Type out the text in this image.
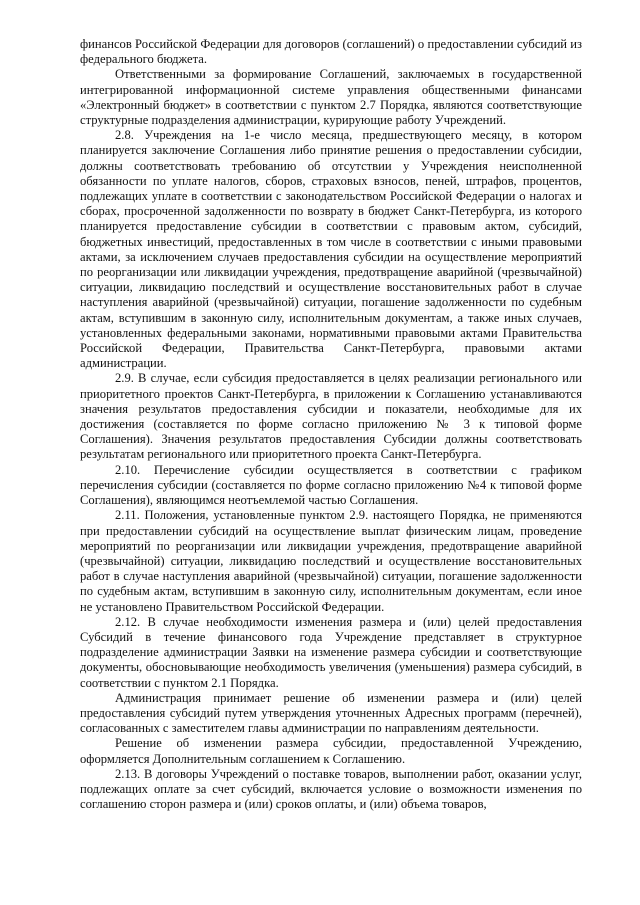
финансов Российской Федерации для договоров (соглашений) о предоставлении субсидий из федерального бюджета.

Ответственными за формирование Соглашений, заключаемых в государственной интегрированной информационной системе управления общественными финансами «Электронный бюджет» в соответствии с пунктом 2.7 Порядка, являются соответствующие структурные подразделения администрации, курирующие работу Учреждений.

2.8. Учреждения на 1-е число месяца, предшествующего месяцу, в котором планируется заключение Соглашения либо принятие решения о предоставлении субсидии, должны соответствовать требованию об отсутствии у Учреждения неисполненной обязанности по уплате налогов, сборов, страховых взносов, пеней, штрафов, процентов, подлежащих уплате в соответствии с законодательством Российской Федерации о налогах и сборах, просроченной задолженности по возврату в бюджет Санкт-Петербурга, из которого планируется предоставление субсидии в соответствии с правовым актом, субсидий, бюджетных инвестиций, предоставленных в том числе в соответствии с иными правовыми актами, за исключением случаев предоставления субсидии на осуществление мероприятий по реорганизации или ликвидации учреждения, предотвращение аварийной (чрезвычайной) ситуации, ликвидацию последствий и осуществление восстановительных работ в случае наступления аварийной (чрезвычайной) ситуации, погашение задолженности по судебным актам, вступившим в законную силу, исполнительным документам, а также иных случаев, установленных федеральными законами, нормативными правовыми актами Правительства Российской Федерации, Правительства Санкт-Петербурга, правовыми актами администрации.

2.9. В случае, если субсидия предоставляется в целях реализации регионального или приоритетного проектов Санкт-Петербурга, в приложении к Соглашению устанавливаются значения результатов предоставления субсидии и показатели, необходимые для их достижения (составляется по форме согласно приложению № 3 к типовой форме Соглашения). Значения результатов предоставления Субсидии должны соответствовать результатам регионального или приоритетного проекта Санкт-Петербурга.

2.10. Перечисление субсидии осуществляется в соответствии с графиком перечисления субсидии (составляется по форме согласно приложению №4 к типовой форме Соглашения), являющимся неотъемлемой частью Соглашения.

2.11. Положения, установленные пунктом 2.9. настоящего Порядка, не применяются при предоставлении субсидий на осуществление выплат физическим лицам, проведение мероприятий по реорганизации или ликвидации учреждения, предотвращение аварийной (чрезвычайной) ситуации, ликвидацию последствий и осуществление восстановительных работ в случае наступления аварийной (чрезвычайной) ситуации, погашение задолженности по судебным актам, вступившим в законную силу, исполнительным документам, если иное не установлено Правительством Российской Федерации.

2.12. В случае необходимости изменения размера и (или) целей предоставления Субсидий в течение финансового года Учреждение представляет в структурное подразделение администрации Заявки на изменение размера субсидии и соответствующие документы, обосновывающие необходимость увеличения (уменьшения) размера субсидий, в соответствии с пунктом 2.1 Порядка.

Администрация принимает решение об изменении размера и (или) целей предоставления субсидий путем утверждения уточненных Адресных программ (перечней), согласованных с заместителем главы администрации по направлениям деятельности.

Решение об изменении размера субсидии, предоставленной Учреждению, оформляется Дополнительным соглашением к Соглашению.

2.13. В договоры Учреждений о поставке товаров, выполнении работ, оказании услуг, подлежащих оплате за счет субсидий, включается условие о возможности изменения по соглашению сторон размера и (или) сроков оплаты, и (или) объема товаров,
